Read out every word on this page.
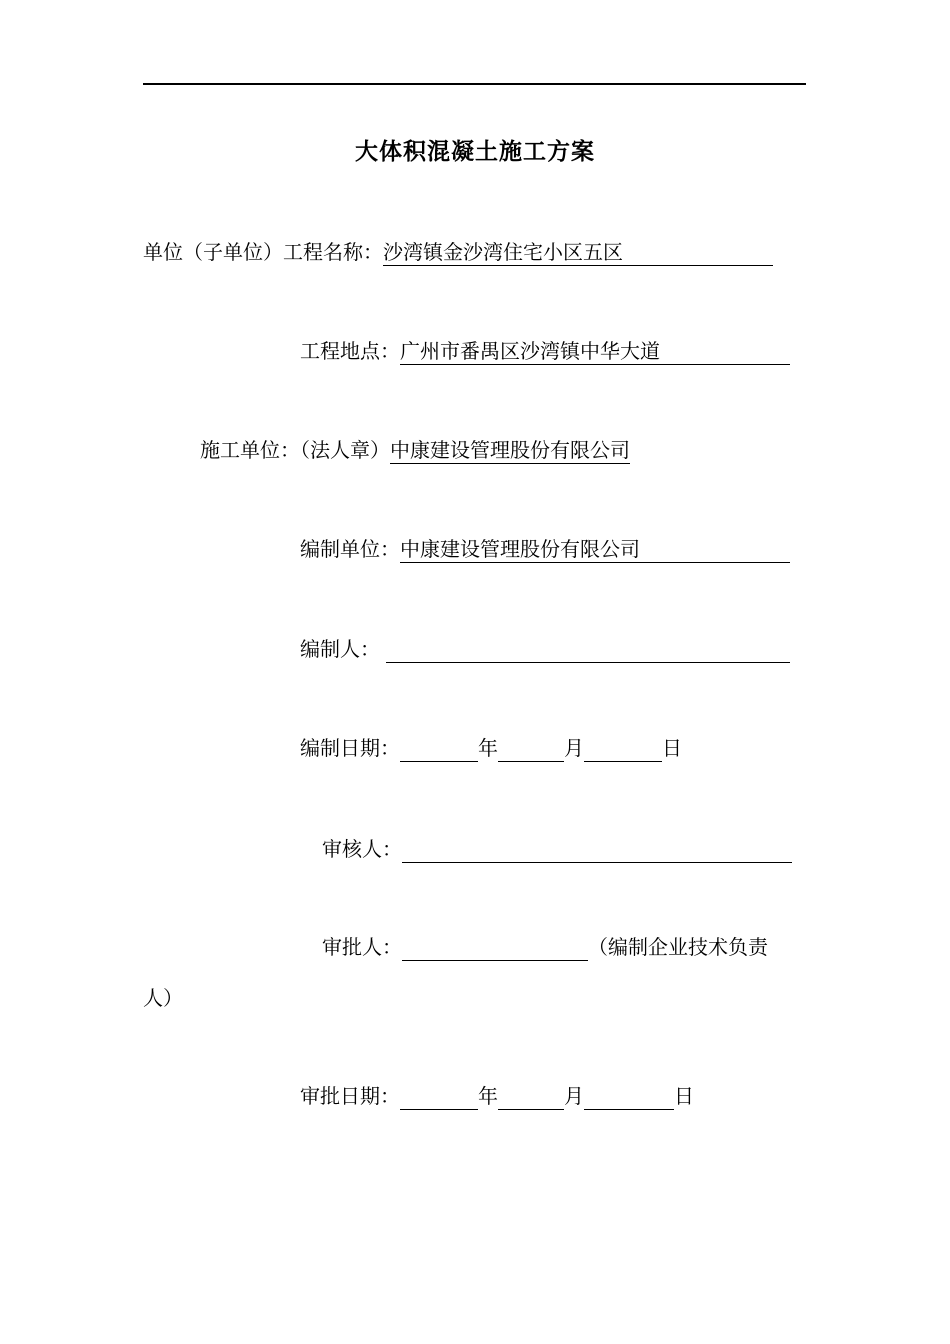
大体积混凝土施工方案
单位（子单位）工程名称：沙湾镇金沙湾住宅小区五区
工程地点：广州市番禺区沙湾镇中华大道
施工单位：（法人章）中康建设管理股份有限公司
编制单位：中康建设管理股份有限公司
编制人：
编制日期：	年	月	日
审核人：
审批人：	（编制企业技术负责
人）
审批日期：	年	月	日
